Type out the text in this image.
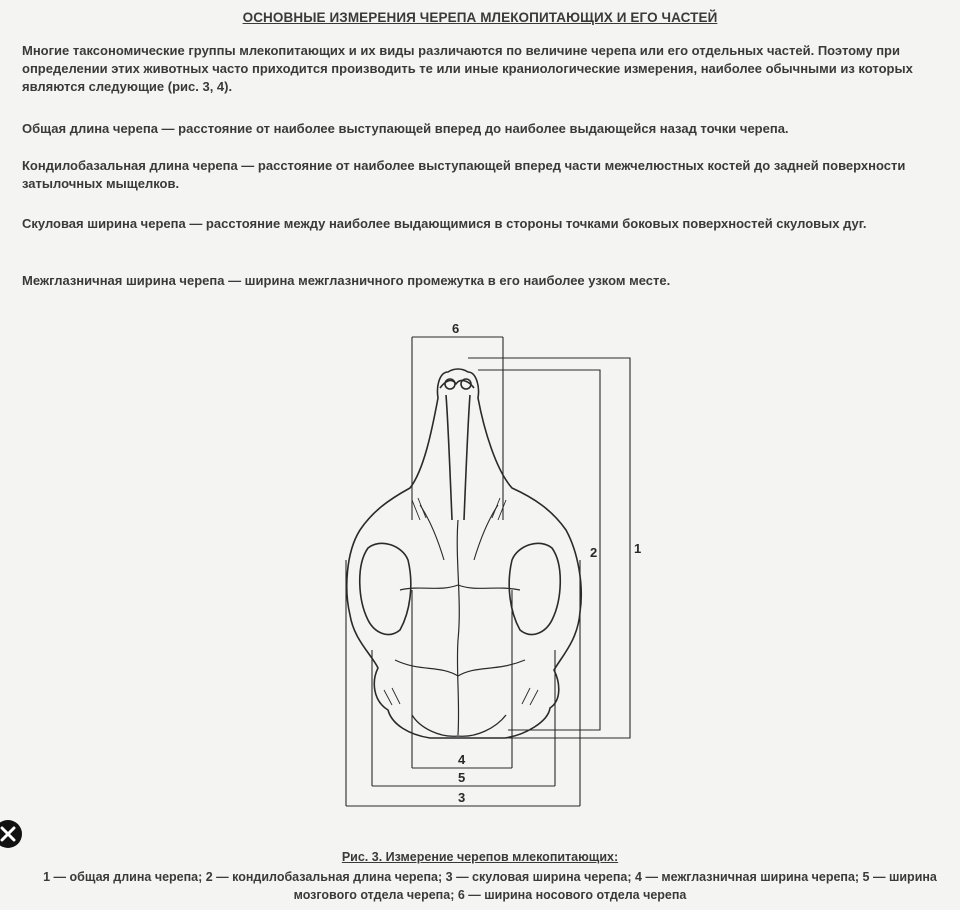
ОСНОВНЫЕ ИЗМЕРЕНИЯ ЧЕРЕПА МЛЕКОПИТАЮЩИХ И ЕГО ЧАСТЕЙ

Многие таксономические группы млекопитающих и их виды различаются по величине черепа или его отдельных частей. Поэтому при определении этих животных часто приходится производить те или иные краниологические измерения, наиболее обычными из которых являются следующие (рис. 3, 4).

Общая длина черепа — расстояние от наиболее выступающей вперед до наиболее выдающейся назад точки черепа.

Кондилобазальная длина черепа — расстояние от наиболее выступающей вперед части межчелюстных костей до задней поверхности затылочных мыщелков.

Скуловая ширина черепа — расстояние между наиболее выдающимися в стороны точками боковых поверхностей скуловых дуг.

Межглазничная ширина черепа — ширина межглазничного промежутка в его наиболее узком месте.

6
1
2
4
5
3
Рис. 3. Измерение черепов млекопитающих:
1 — общая длина черепа; 2 — кондилобазальная длина черепа; 3 — скуловая ширина черепа; 4 — межглазничная ширина черепа; 5 — ширина мозгового отдела черепа; 6 — ширина носового отдела черепа
